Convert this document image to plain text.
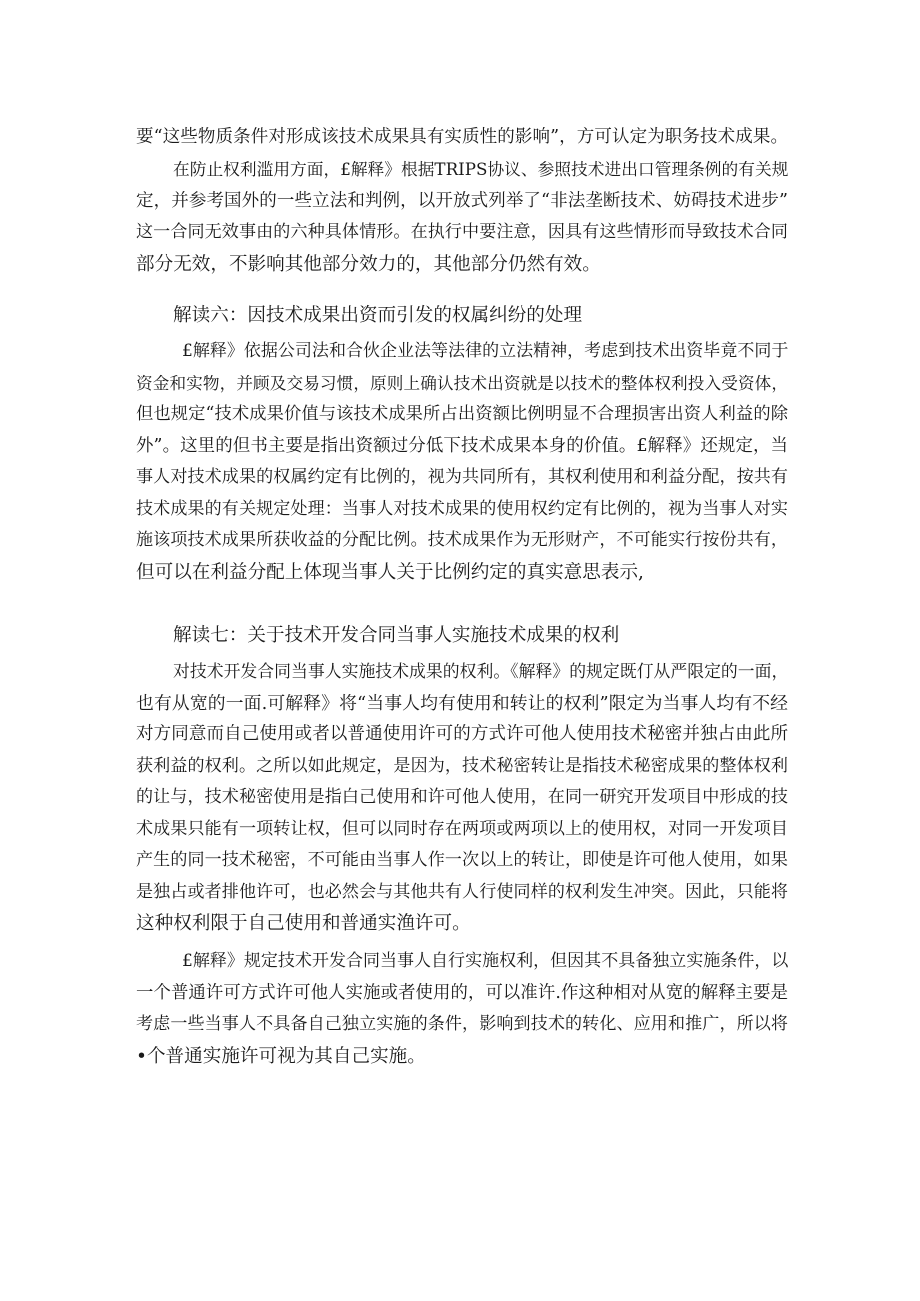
要“这些物质条件对形成该技术成果具有实质性的影响”，方可认定为职务技术成果。
在防止权利滥用方面，£解释》根据TRIPS协议、参照技术进出口管理条例的有关规
定，并参考国外的一些立法和判例，以开放式列举了“非法垄断技术、妨碍技术进步”
这一合同无效事由的六种具体情形。在执行中要注意，因具有这些情形而导致技术合同
部分无效，不影响其他部分效力的，其他部分仍然有效。
解读六：因技术成果出资而引发的权属纠纷的处理
£解释》依据公司法和合伙企业法等法律的立法精神，考虑到技术出资毕竟不同于
资金和实物，并顾及交易习惯，原则上确认技术出资就是以技术的整体权利投入受资体，
但也规定“技术成果价值与该技术成果所占出资额比例明显不合理损害出资人利益的除
外”。这里的但书主要是指出资额过分低下技术成果本身的价值。£解释》还规定，当
事人对技术成果的权属约定有比例的，视为共同所有，其权利使用和利益分配，按共有
技术成果的有关规定处理：当事人对技术成果的使用权约定有比例的，视为当事人对实
施该项技术成果所获收益的分配比例。技术成果作为无形财产，不可能实行按份共有，
但可以在利益分配上体现当事人关于比例约定的真实意思表示,
解读七：关于技术开发合同当事人实施技术成果的权利
对技术开发合同当事人实施技术成果的权利。《解释》的规定既仃从严限定的一面，
也有从宽的一面.可解释》将“当事人均有使用和转让的权利”限定为当事人均有不经
对方同意而自己使用或者以普通使用许可的方式许可他人使用技术秘密并独占由此所
获利益的权利。之所以如此规定，是因为，技术秘密转让是指技术秘密成果的整体权利
的让与，技术秘密使用是指白己使用和许可他人使用，在同一研究开发项目中形成的技
术成果只能有一项转让权，但可以同时存在两项或两项以上的使用权，对同一开发项目
产生的同一技术秘密，不可能由当事人作一次以上的转让，即使是许可他人使用，如果
是独占或者排他许可，也必然会与其他共有人行使同样的权利发生冲突。因此，只能将
这种权利限于自己使用和普通实渔许可。
£解释》规定技术开发合同当事人自行实施权利，但因其不具备独立实施条件，以
一个普通许可方式许可他人实施或者使用的，可以准许.作这种相对从宽的解释主要是
考虑一些当事人不具备自己独立实施的条件，影响到技术的转化、应用和推广，所以将
•个普通实施许可视为其自己实施。
